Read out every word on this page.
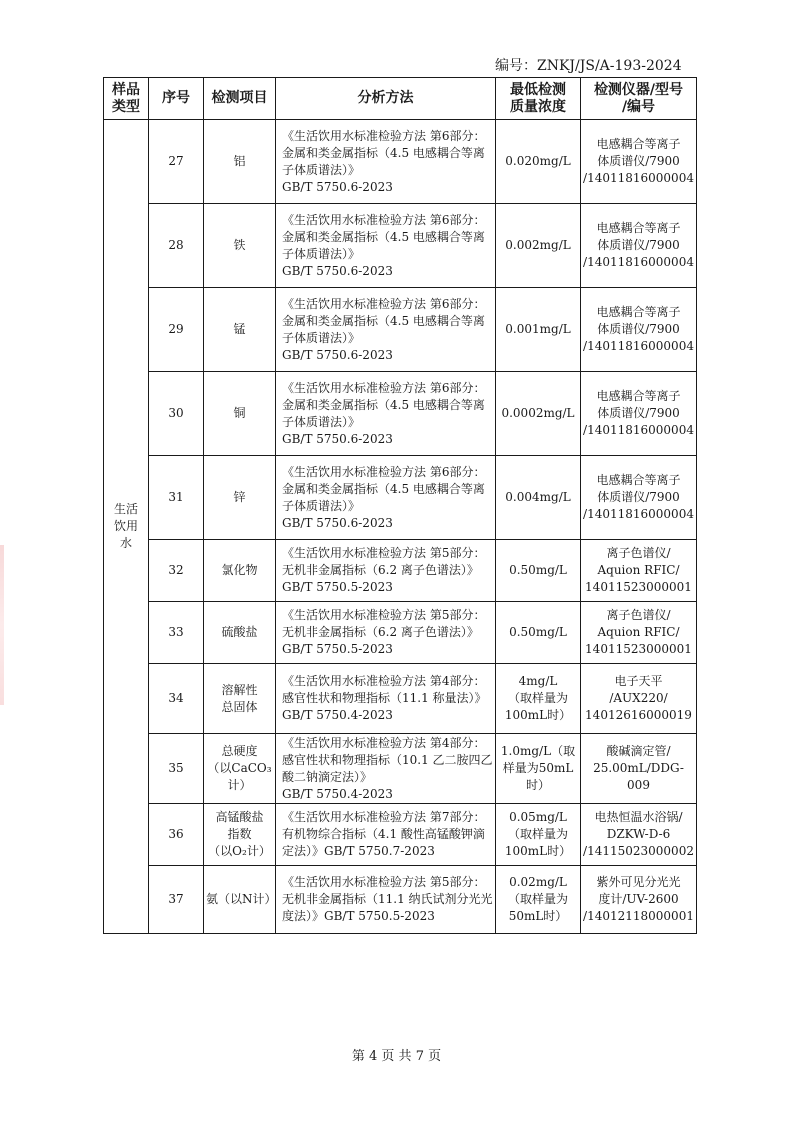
编号：ZNKJ/JS/A-193-2024
样品
类型	序号	检测项目	分析方法	最低检测
质量浓度	检测仪器/型号
/编号
生活
饮用
水	27	铝	《生活饮用水标准检验方法 第6部分：金属和类金属指标（4.5 电感耦合等离子体质谱法）》
GB/T 5750.6-2023	0.020mg/L	电感耦合等离子
体质谱仪/7900
/14011816000004
	28	铁	《生活饮用水标准检验方法 第6部分：金属和类金属指标（4.5 电感耦合等离子体质谱法）》
GB/T 5750.6-2023	0.002mg/L	电感耦合等离子
体质谱仪/7900
/14011816000004
	29	锰	《生活饮用水标准检验方法 第6部分：金属和类金属指标（4.5 电感耦合等离子体质谱法）》
GB/T 5750.6-2023	0.001mg/L	电感耦合等离子
体质谱仪/7900
/14011816000004
	30	铜	《生活饮用水标准检验方法 第6部分：金属和类金属指标（4.5 电感耦合等离子体质谱法）》
GB/T 5750.6-2023	0.0002mg/L	电感耦合等离子
体质谱仪/7900
/14011816000004
	31	锌	《生活饮用水标准检验方法 第6部分：金属和类金属指标（4.5 电感耦合等离子体质谱法）》
GB/T 5750.6-2023	0.004mg/L	电感耦合等离子
体质谱仪/7900
/14011816000004
	32	氯化物	《生活饮用水标准检验方法 第5部分：无机非金属指标（6.2 离子色谱法）》GB/T 5750.5-2023	0.50mg/L	离子色谱仪/
Aquion RFIC/
14011523000001
	33	硫酸盐	《生活饮用水标准检验方法 第5部分：无机非金属指标（6.2 离子色谱法）》GB/T 5750.5-2023	0.50mg/L	离子色谱仪/
Aquion RFIC/
14011523000001
	34	溶解性
总固体	《生活饮用水标准检验方法 第4部分：感官性状和物理指标（11.1 称量法）》GB/T 5750.4-2023	4mg/L
（取样量为
100mL时）	电子天平
/AUX220/
14012616000019
	35	总硬度
（以CaCO₃
计）	《生活饮用水标准检验方法 第4部分：感官性状和物理指标（10.1 乙二胺四乙酸二钠滴定法）》
GB/T 5750.4-2023	1.0mg/L（取
样量为50mL
时）	酸碱滴定管/
25.00mL/DDG-009
	36	高锰酸盐
指数
（以O₂计）	《生活饮用水标准检验方法 第7部分：有机物综合指标（4.1 酸性高锰酸钾滴定法）》GB/T 5750.7-2023	0.05mg/L
（取样量为
100mL时）	电热恒温水浴锅/
DZKW-D-6
/14115023000002
	37	氨（以N计）	《生活饮用水标准检验方法 第5部分：无机非金属指标（11.1 纳氏试剂分光光度法）》GB/T 5750.5-2023	0.02mg/L
（取样量为
50mL时）	紫外可见分光光
度计/UV-2600
/14012118000001
第 4 页 共 7 页
